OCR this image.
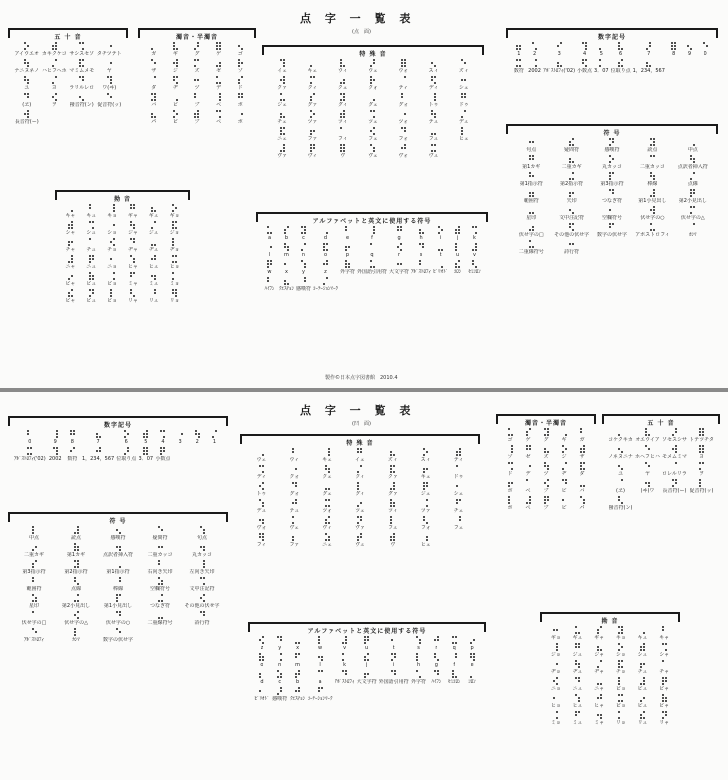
点 字 一 覧 表
(点　面)
五 十 音
アイウエオ カキクケコ サシスセソ タチツテト
ナニヌネノ ハヒフヘホ マミムメモ ヤ
ユ	ヨ	ラリルレロ ワ(ヰ)
(ヱ)	ヲ	撥音符(ン) 促音符(ッ)
長音符(ー)
濁音・半濁音
ガ	ギ	グ	ゲ	ゴ
ザ	ジ	ズ	ゼ	ゾ
ダ	ヂ	ヅ	デ	ド
バ	ビ	ブ	ベ	ボ
パ	ピ	プ	ペ	ポ
拗 音
キャ キュ キョ ギャ ギュ ギョ
シャ シュ ショ ジャ ジュ ジョ
チャ チュ チョ ヂャ ヂュ ヂョ
ニャ ニュ ニョ ヒャ ヒュ ヒョ
ビャ ビュ ビョ ミャ ミュ ミョ
ピャ ピュ ピョ リャ リュ リョ
特 殊 音
イェ	キェ	ウィ	ウェ	ウォ	スィ	ズィ
クァ	クィ	クェ	クォ	ティ	ディ	シェ
ジェ	グァ	グィ	グェ	グォ	トゥ	ドゥ
チェ	ツァ	ツィ	ツェ	ツォ	テュ	デュ
ニェ	ファ	フィ	フェ	フォ	フュ	ヒェ
ヴァ	ヴィ	ヴ	ヴェ	ヴォ	ヴュ
アルファベットと英文に使用する符号
a	b	c	d	e	f	g	h	i	j	k
l	m	n	o	p	q	r	s	t	u	v
w	x	y	z	外字符 外国語引用符 大文字符 ｱﾎﾟｽﾄﾛﾌｨ ﾋﾟﾘｵﾄﾞ ｺﾛﾝ ｾﾐｺﾛﾝ
ﾊｲﾌﾝ ｸｴｽﾁｮﾝ 感嘆符 ｺｰﾃｰｼｮﾝﾏｰｸ
数字記号
1	2	3	4	5	6	7	8	9	0
数符 2002 ｱﾎﾟｽﾄﾛﾌｨ('02) 小数点 3．07 位取り点 1，234，567
符 号
句点	疑問符	感嘆符	読点	中点
第1カギ	二重カギ	丸カッコ	二重カッコ	点訳者挿入符
第1指示符	第2指示符	第3指示符	棒線	点線
範囲符	矢印	つなぎ符	第1小見出し 第2小見出し
星印	文中注記符	空欄符号	伏せ字の○	伏せ字の△
伏せ字の□ その他の伏せ字 数字の伏せ字 アポストロフィ	ｶﾝﾏ
二重線符号	詩行符
製作©日本点字図書館　2010.4
点 字 一 覧 表
(凹　面)
数字記号
0	9	8	7	6	5	4	3	2	1
ｱﾎﾟｽﾄﾛﾌｨ('02) 2002 数符 1，234，567 位取り点 3．07 小数点
符 号
中点	読点	感嘆符	疑問符	句点
二重カギ	第1カギ	点訳者挿入符	二重カッコ	丸カッコ
第3指示符	第2指示符	第1指示符	右向き矢印	左向き矢印
範囲符	点線	棒線	空欄符号	文中注記符
星印	第2小見出し	第1小見出し	つなぎ符	その他の伏せ字
伏せ字の□	伏せ字の△	伏せ字の○	二重線符号	詩行符
ｱﾎﾟｽﾄﾛﾌｨ	ｶﾝﾏ	数字の伏せ字
特 殊 音
ウェ	ウィ	キェ	イェ	ズィ	スィ	ティ
ディ	クォ	クェ	クィ	クァ	キェ	ドゥ
トゥ	グォ	グェ	グィ	グァ	ジェ	シェ
デュ	テュ	ツォ	ツェ	ツィ	ツァ	チェ
ヴォ	ヴェ	ヴィ	ヴァ	フュ	フォ	フェ
フィ	ファ	ニェ	ヴュ	ヴ	ヒェ
アルファベットと英文に使用する符号
z	y	x	w	v	u	t	s	r	q	p
o	n	m	l	k	j	i	h	g	f	e
d	c	b	a	ｱﾎﾟｽﾄﾛﾌｨ 大文字符 外国語引用符 外字符 ﾊｲﾌﾝ ｾﾐｺﾛﾝ ｺﾛﾝ
ﾋﾟﾘｵﾄﾞ 感嘆符 ｸｴｽﾁｮﾝ ｺｰﾃｰｼｮﾝﾏｰｸ
濁音・半濁音
ゴ	ゲ	グ	ギ	ガ
ゾ	ゼ	ズ	ジ	ザ
ド	デ	ヅ	ヂ	ダ
ボ	ベ	ブ	ビ	バ
ポ	ペ	プ	ピ	パ
五 十 音
コケクキカ オエウイア ソセスシサ トテツチタ
ノネヌニナ ホヘフヒハ モメムミマ ヨ
ユ	ヤ ロレルリラ ヲ
(ヱ)	(ヰ)ワ 長音符(ー) 促音符(ッ)
撥音符(ン)
拗 音
ギョ ギュ ギャ キョ キュ キャ
ジョ ジュ ジャ ショ シュ シャ
ヂョ ヂュ ヂャ チョ チュ チャ
ニョ ニュ ニャ ビョ ビュ ビャ
ヒョ ヒュ ヒャ ピョ ピュ ピャ
ミョ ミュ ミャ リョ リュ リャ
